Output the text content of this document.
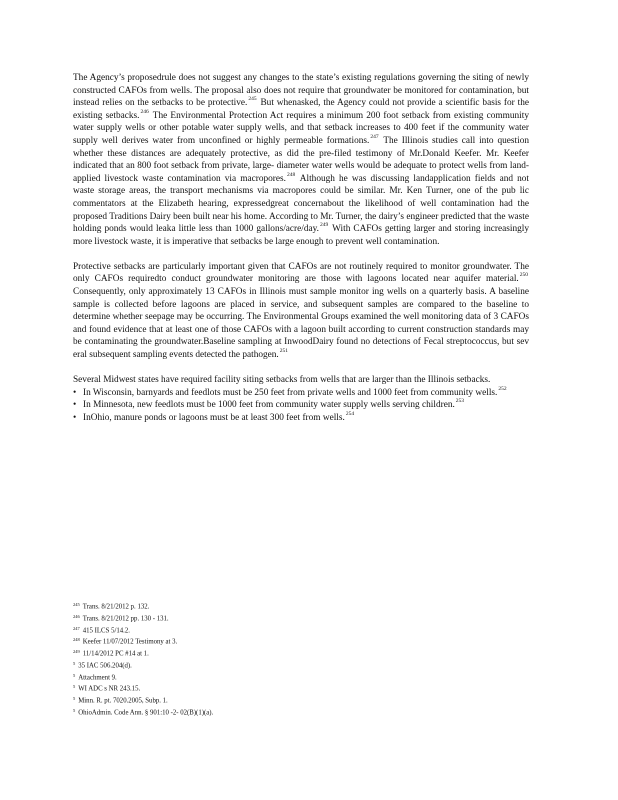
The Agency’s proposedrule does not suggest any changes to the state’s existing regulations governing the siting of newly constructed CAFOs from wells. The proposal also does not require that groundwater be monitored for contamination, but instead relies on the setbacks to be protective.$^{245}$ But whenasked, the Agency could not provide a scientific basis for the existing setbacks.$^{246}$ The Environmental Protection Act requires a minimum 200 foot setback from existing community water supply wells or other potable water supply wells, and that setback increases to 400 feet if the community water supply well derives water from unconfined or highly permeable formations.$^{247}$ The Illinois studies call into question whether these distances are adequately protective, as did the pre-filed testimony of Mr.Donald Keefer. Mr. Keefer indicated that an 800 foot setback from private, large- diameter water wells would be adequate to protect wells from land-applied livestock waste contamination via macropores.$^{248}$ Although he was discussing landapplication fields and not waste storage areas, the transport mechanisms via macropores could be similar. Mr. Ken Turner, one of the pub lic commentators at the Elizabeth hearing, expressedgreat concernabout the likelihood of well contamination had the proposed Traditions Dairy been built near his home. According to Mr. Turner, the dairy’s engineer predicted that the waste holding ponds would leaka little less than 1000 gallons/acre/day.$^{249}$ With CAFOs getting larger and storing increasingly more livestock waste, it is imperative that setbacks be large enough to prevent well contamination.

Protective setbacks are particularly important given that CAFOs are not routinely required to monitor groundwater. The only CAFOs requiredto conduct groundwater monitoring are those with lagoons located near aquifer material.$^{250}$ Consequently, only approximately 13 CAFOs in Illinois must sample monitor ing wells on a quarterly basis. A baseline sample is collected before lagoons are placed in service, and subsequent samples are compared to the baseline to determine whether seepage may be occurring. The Environmental Groups examined the well monitoring data of 3 CAFOs and found evidence that at least one of those CAFOs with a lagoon built according to current construction standards may be contaminating the groundwater.Baseline sampling at InwoodDairy found no detections of Fecal streptococcus, but sev eral subsequent sampling events detected the pathogen.$^{251}$

Several Midwest states have required facility siting setbacks from wells that are larger than the Illinois setbacks.

• In Wisconsin, barnyards and feedlots must be 250 feet from private wells and 1000 feet from community wells.$^{252}$
• In Minnesota, new feedlots must be 1000 feet from community water supply wells serving children.$^{253}$
• InOhio, manure ponds or lagoons must be at least 300 feet from wells.$^{254}$
$^{245}$ Trans. 8/21/2012 p. 132.
$^{246}$ Trans. 8/21/2012 pp. 130 - 131.
$^{247}$ 415 ILCS 5/14.2.
$^{248}$ Keefer 11/07/2012 Testimony at 3.
$^{249}$ 11/14/2012 PC #14 at 1.
$^5$ 35 IAC 506.204(d).
$^5$ Attachment 9.
$^5$ WI ADC s NR 243.15.
$^5$ Minn. R. pt. 7020.2005, Subp. 1.
$^5$ OhioAdmin. Code Ann. § 901:10 -2- 02(B)(1)(a).
